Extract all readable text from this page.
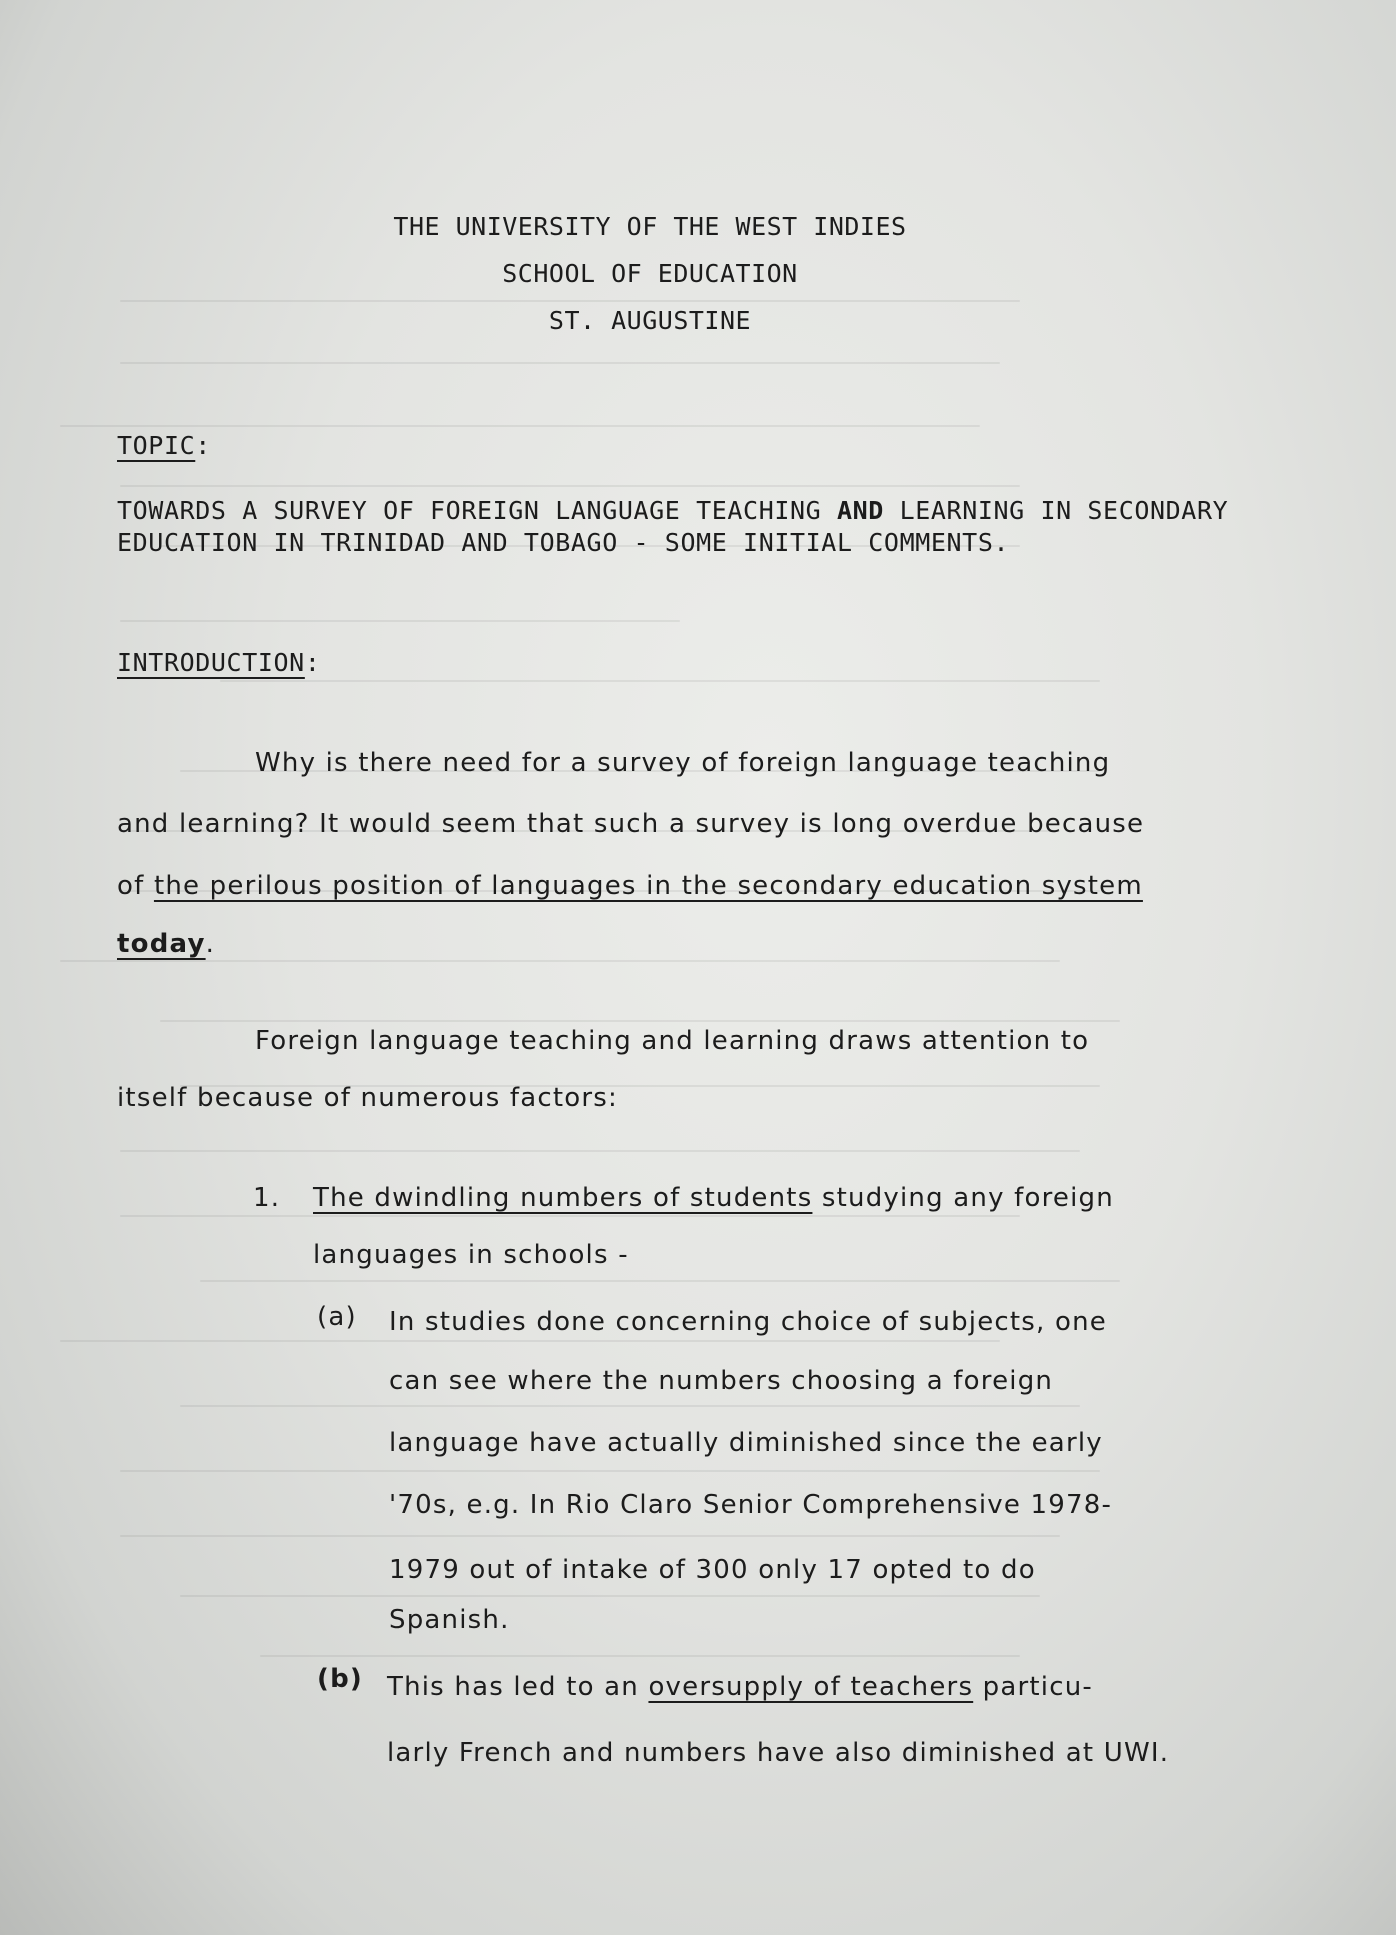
THE UNIVERSITY OF THE WEST INDIES
SCHOOL OF EDUCATION
ST. AUGUSTINE
TOPIC:
TOWARDS A SURVEY OF FOREIGN LANGUAGE TEACHING AND LEARNING IN SECONDARY
EDUCATION IN TRINIDAD AND TOBAGO - SOME INITIAL COMMENTS.
INTRODUCTION:
Why is there need for a survey of foreign language teaching
and learning? It would seem that such a survey is long overdue because
of the perilous position of languages in the secondary education system
today.
Foreign language teaching and learning draws attention to
itself because of numerous factors:
1. The dwindling numbers of students studying any foreign
languages in schools -
(a) In studies done concerning choice of subjects, one
can see where the numbers choosing a foreign
language have actually diminished since the early
'70s, e.g. In Rio Claro Senior Comprehensive 1978-
1979 out of intake of 300 only 17 opted to do
Spanish.
(b) This has led to an oversupply of teachers particu-
larly French and numbers have also diminished at UWI.
